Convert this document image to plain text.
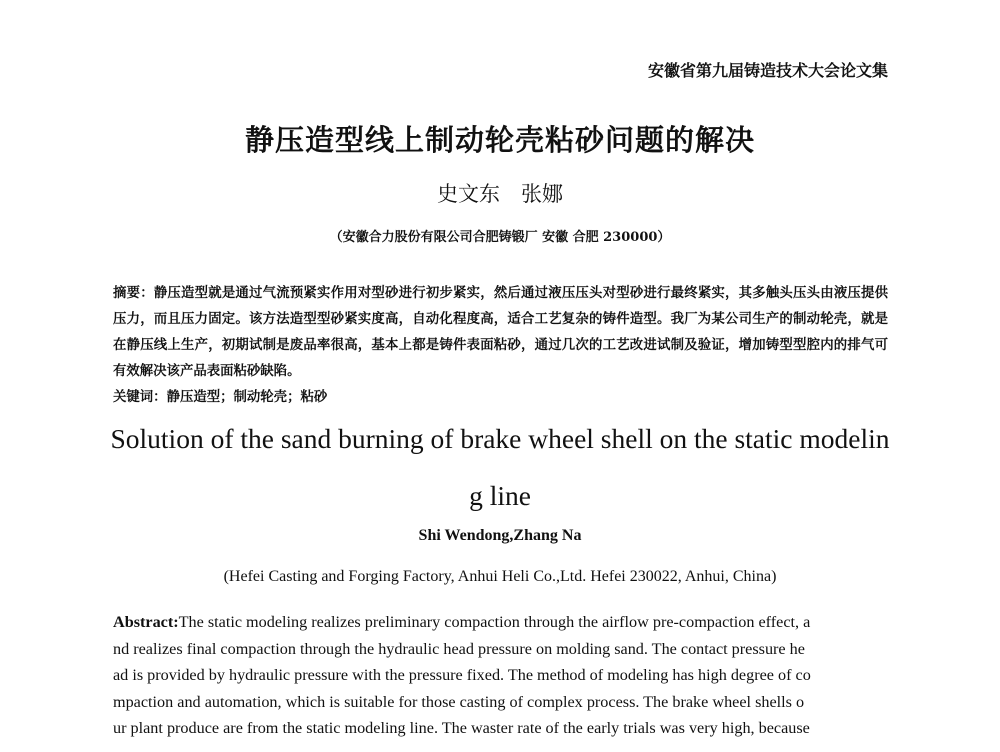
安徽省第九届铸造技术大会论文集
静压造型线上制动轮壳粘砂问题的解决
史文东　张娜
（安徽合力股份有限公司合肥铸锻厂 安徽 合肥 230000）
摘要：静压造型就是通过气流预紧实作用对型砂进行初步紧实，然后通过液压压头对型砂进行最终紧实，其多触头压头由液压提供压力，而且压力固定。该方法造型型砂紧实度高，自动化程度高，适合工艺复杂的铸件造型。我厂为某公司生产的制动轮壳，就是在静压线上生产，初期试制是废品率很高，基本上都是铸件表面粘砂，通过几次的工艺改进试制及验证，增加铸型型腔内的排气可有效解决该产品表面粘砂缺陷。
关键词：静压造型；制动轮壳；粘砂
Solution of the sand burning of brake wheel shell on the static modelin
g line
Shi Wendong,Zhang Na
(Hefei Casting and Forging Factory, Anhui Heli Co.,Ltd. Hefei 230022, Anhui, China)
Abstract:The static modeling realizes preliminary compaction through the airflow pre-compaction effect, a
nd realizes final compaction through the hydraulic head pressure on molding sand. The contact pressure he
ad is provided by hydraulic pressure with the pressure fixed. The method of modeling has high degree of co
mpaction and automation, which is suitable for those casting of complex process. The brake wheel shells o
ur plant produce are from the static modeling line. The waster rate of the early trials was very high, because
